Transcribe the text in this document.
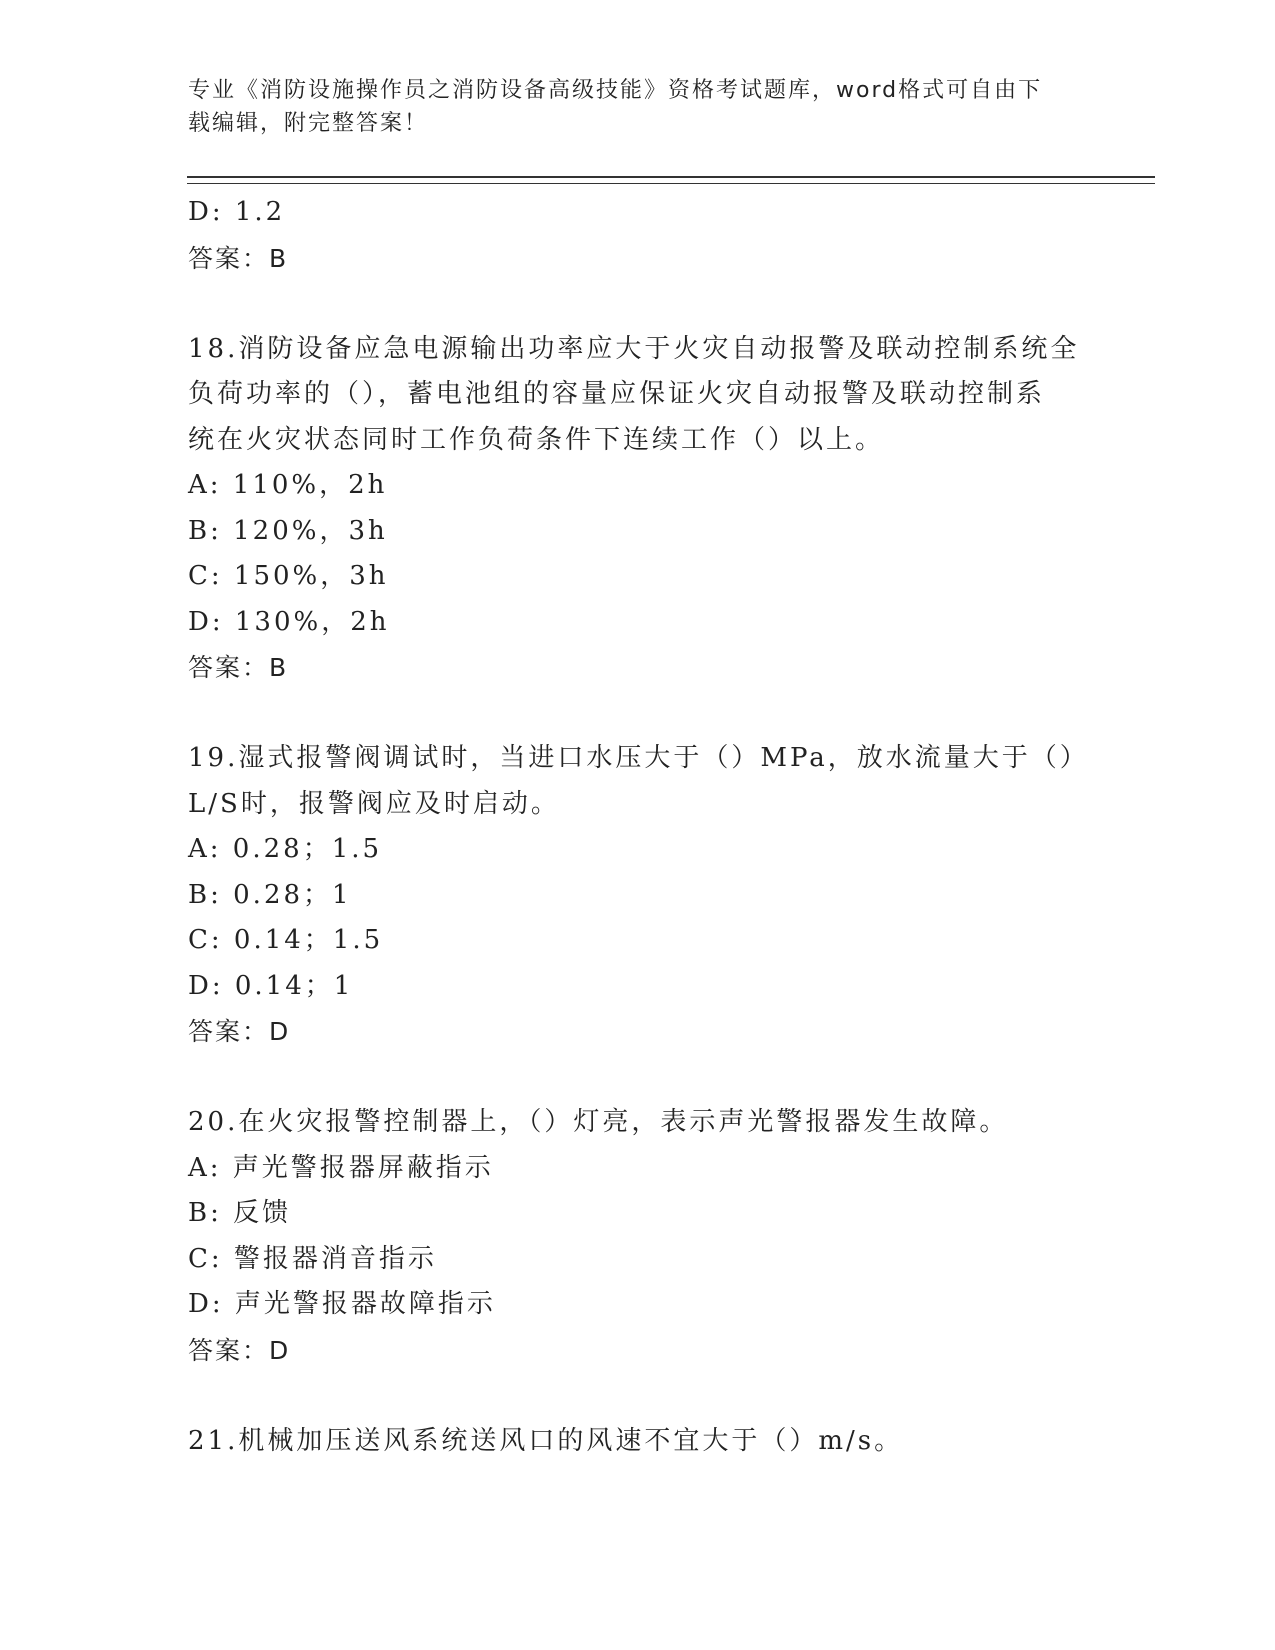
专业《消防设施操作员之消防设备高级技能》资格考试题库，word格式可自由下
载编辑，附完整答案！
D: 1.2
答案：B
18.消防设备应急电源输出功率应大于火灾自动报警及联动控制系统全
负荷功率的（），蓄电池组的容量应保证火灾自动报警及联动控制系
统在火灾状态同时工作负荷条件下连续工作（）以上。
A: 110%，2h
B: 120%，3h
C: 150%，3h
D: 130%，2h
答案：B
19.湿式报警阀调试时，当进口水压大于（）MPa，放水流量大于（）
L/S时，报警阀应及时启动。
A: 0.28；1.5
B: 0.28；1
C: 0.14；1.5
D: 0.14；1
答案：D
20.在火灾报警控制器上，（）灯亮，表示声光警报器发生故障。
A: 声光警报器屏蔽指示
B: 反馈
C: 警报器消音指示
D: 声光警报器故障指示
答案：D
21.机械加压送风系统送风口的风速不宜大于（）m/s。
